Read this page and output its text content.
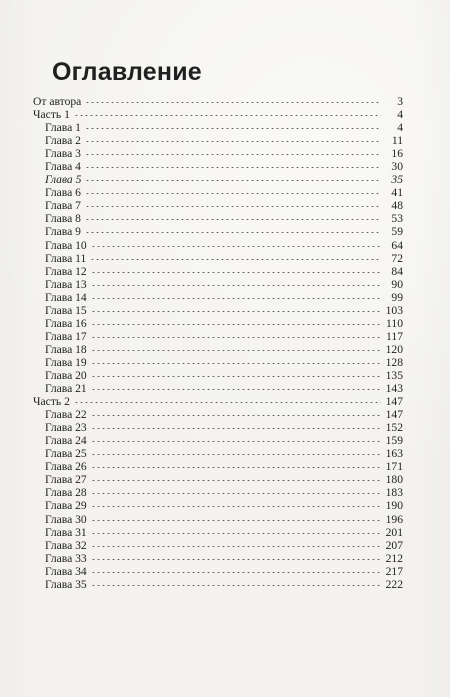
Оглавление
От автора	3
Часть 1	4
Глава 1	4
Глава 2	11
Глава 3	16
Глава 4	30
Глава 5	35
Глава 6	41
Глава 7	48
Глава 8	53
Глава 9	59
Глава 10	64
Глава 11	72
Глава 12	84
Глава 13	90
Глава 14	99
Глава 15	103
Глава 16	110
Глава 17	117
Глава 18	120
Глава 19	128
Глава 20	135
Глава 21	143
Часть 2	147
Глава 22	147
Глава 23	152
Глава 24	159
Глава 25	163
Глава 26	171
Глава 27	180
Глава 28	183
Глава 29	190
Глава 30	196
Глава 31	201
Глава 32	207
Глава 33	212
Глава 34	217
Глава 35	222
